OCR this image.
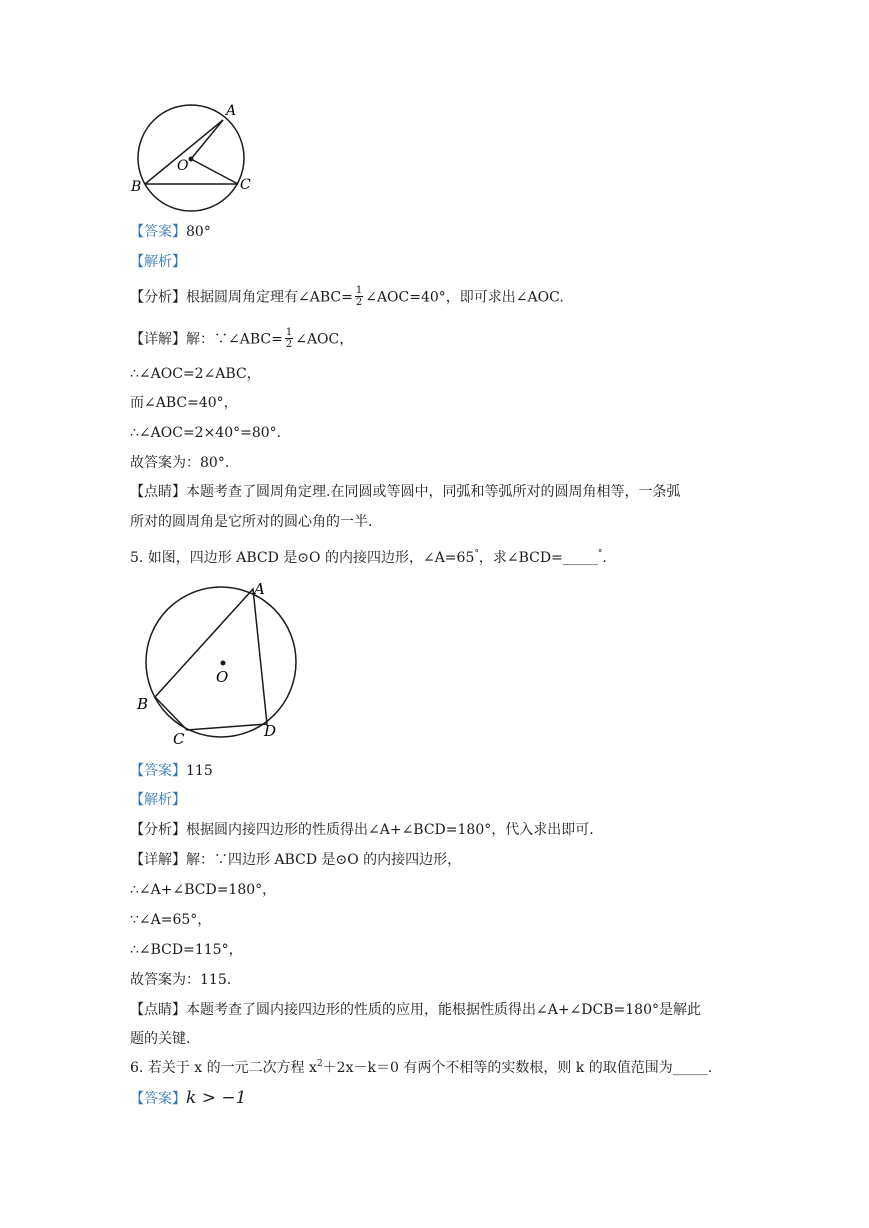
A
O
B	C
【答案】80°
【解析】
【分析】根据圆周角定理有∠ABC= $\frac{1}{2}$ ∠AOC=40°，即可求出∠AOC.
【详解】解：∵∠ABC= $\frac{1}{2}$ ∠AOC，
∴∠AOC=2∠ABC，
而∠ABC=40°，
∴∠AOC=2×40°=80°.
故答案为：80°.
【点睛】本题考查了圆周角定理.在同圆或等圆中，同弧和等弧所对的圆周角相等，一条弧
所对的圆周角是它所对的圆心角的一半.
5. 如图，四边形 ABCD 是⊙O 的内接四边形，∠A=65°，求∠BCD=_____°.
O
A
B
C	D
【答案】115
【解析】
【分析】根据圆内接四边形的性质得出∠A+∠BCD=180°，代入求出即可.
【详解】解：∵四边形 ABCD 是⊙O 的内接四边形，
∴∠A+∠BCD=180°，
∵∠A=65°，
∴∠BCD=115°，
故答案为：115.
【点睛】本题考查了圆内接四边形的性质的应用，能根据性质得出∠A+∠DCB=180°是解此
题的关键.
6. 若关于 x 的一元二次方程 $x^2+2x-k=0$ 有两个不相等的实数根，则 k 的取值范围为_____.
【答案】k > −1
